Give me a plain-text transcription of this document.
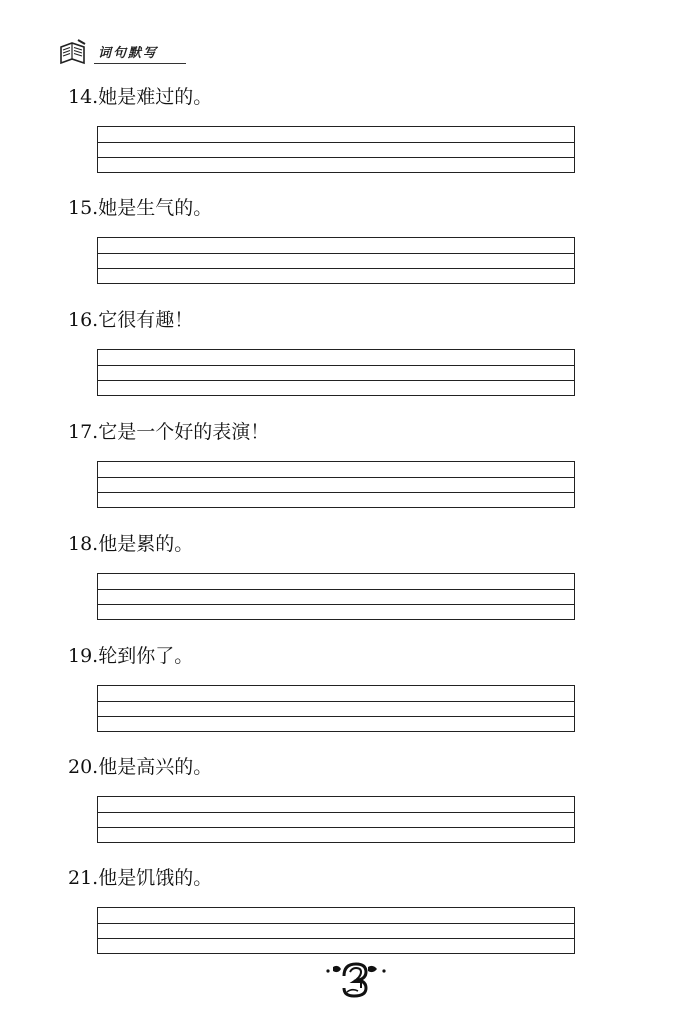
词句默写
14.她是难过的。
15.她是生气的。
16.它很有趣！
17.它是一个好的表演！
18.他是累的。
19.轮到你了。
20.他是高兴的。
21.他是饥饿的。
